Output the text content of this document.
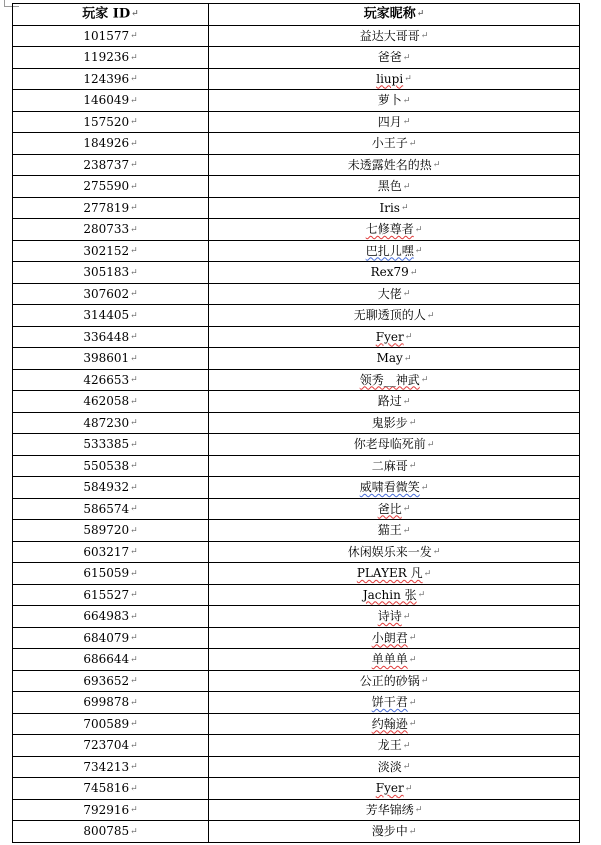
玩家 ID↵	玩家昵称↵
101577↵	益达大哥哥↵
119236↵	爸爸↵
124396↵	liupi↵
146049↵	萝卜↵
157520↵	四月↵
184926↵	小王子↵
238737↵	未透露姓名的热↵
275590↵	黑色↵
277819↵	Iris↵
280733↵	七修尊者↵
302152↵	巴扎儿嘿↵
305183↵	Rex79↵
307602↵	大佬↵
314405↵	无聊透顶的人↵
336448↵	Fyer↵
398601↵	May↵
426653↵	领秀__神武↵
462058↵	路过↵
487230↵	鬼影步↵
533385↵	你老母临死前↵
550538↵	二麻哥↵
584932↵	威啸看微笑↵
586574↵	爸比↵
589720↵	猫王↵
603217↵	休闲娱乐来一发↵
615059↵	PLAYER 凡↵
615527↵	Jachin 张↵
664983↵	诗诗↵
684079↵	小朗君↵
686644↵	单单单↵
693652↵	公正的砂锅↵
699878↵	饼干君↵
700589↵	约翰逊↵
723704↵	龙王↵
734213↵	淡淡↵
745816↵	Fyer↵
792916↵	芳华锦绣↵
800785↵	漫步中↵
